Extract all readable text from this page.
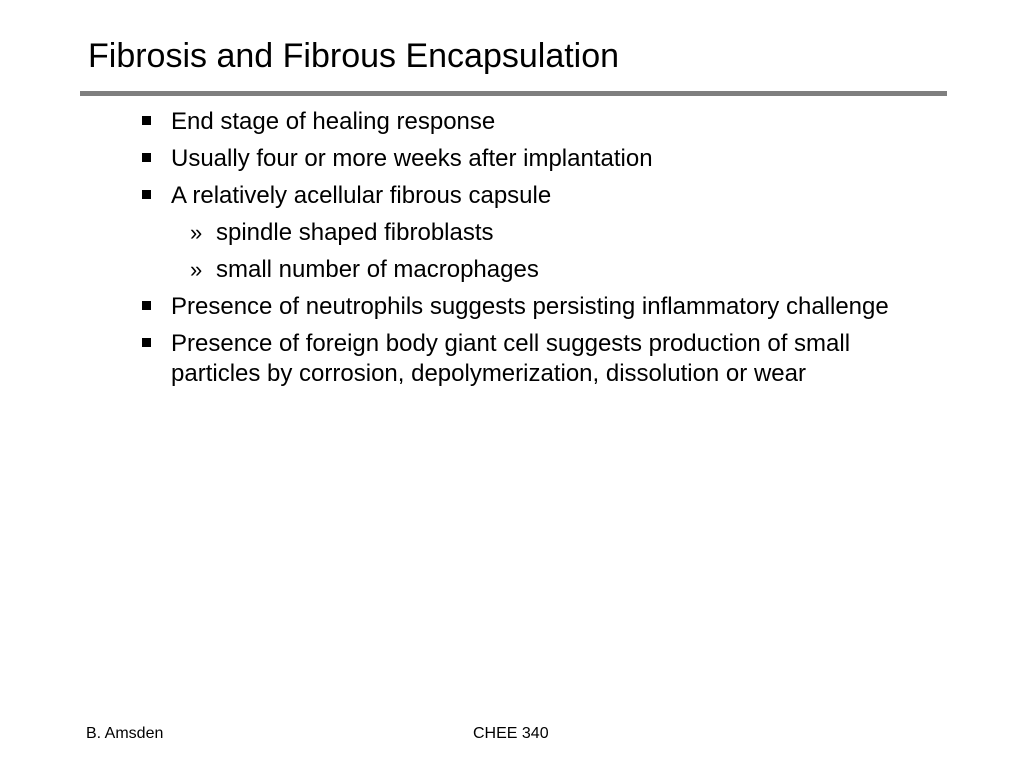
Fibrosis and Fibrous Encapsulation
End stage of healing response
Usually four or more weeks after implantation
A relatively acellular fibrous capsule
» spindle shaped fibroblasts
» small number of macrophages
Presence of neutrophils suggests persisting inflammatory challenge
Presence of foreign body giant cell suggests production of small particles by corrosion, depolymerization, dissolution or wear
B. Amsden	CHEE 340
